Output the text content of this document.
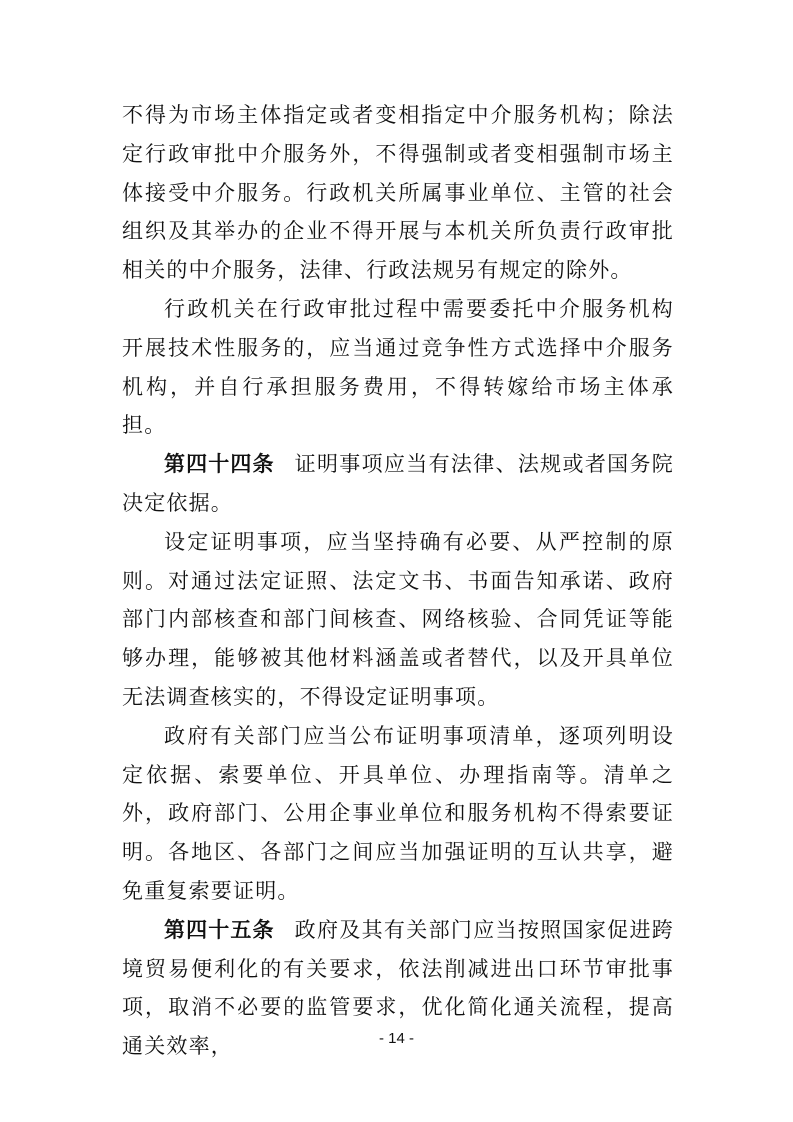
不得为市场主体指定或者变相指定中介服务机构；除法定行政审批中介服务外，不得强制或者变相强制市场主体接受中介服务。行政机关所属事业单位、主管的社会组织及其举办的企业不得开展与本机关所负责行政审批相关的中介服务，法律、行政法规另有规定的除外。

行政机关在行政审批过程中需要委托中介服务机构开展技术性服务的，应当通过竞争性方式选择中介服务机构，并自行承担服务费用，不得转嫁给市场主体承担。

第四十四条 证明事项应当有法律、法规或者国务院决定依据。

设定证明事项，应当坚持确有必要、从严控制的原则。对通过法定证照、法定文书、书面告知承诺、政府部门内部核查和部门间核查、网络核验、合同凭证等能够办理，能够被其他材料涵盖或者替代，以及开具单位无法调查核实的，不得设定证明事项。

政府有关部门应当公布证明事项清单，逐项列明设定依据、索要单位、开具单位、办理指南等。清单之外，政府部门、公用企事业单位和服务机构不得索要证明。各地区、各部门之间应当加强证明的互认共享，避免重复索要证明。

第四十五条 政府及其有关部门应当按照国家促进跨境贸易便利化的有关要求，依法削减进出口环节审批事项，取消不必要的监管要求，优化简化通关流程，提高通关效率，	- 14 -
